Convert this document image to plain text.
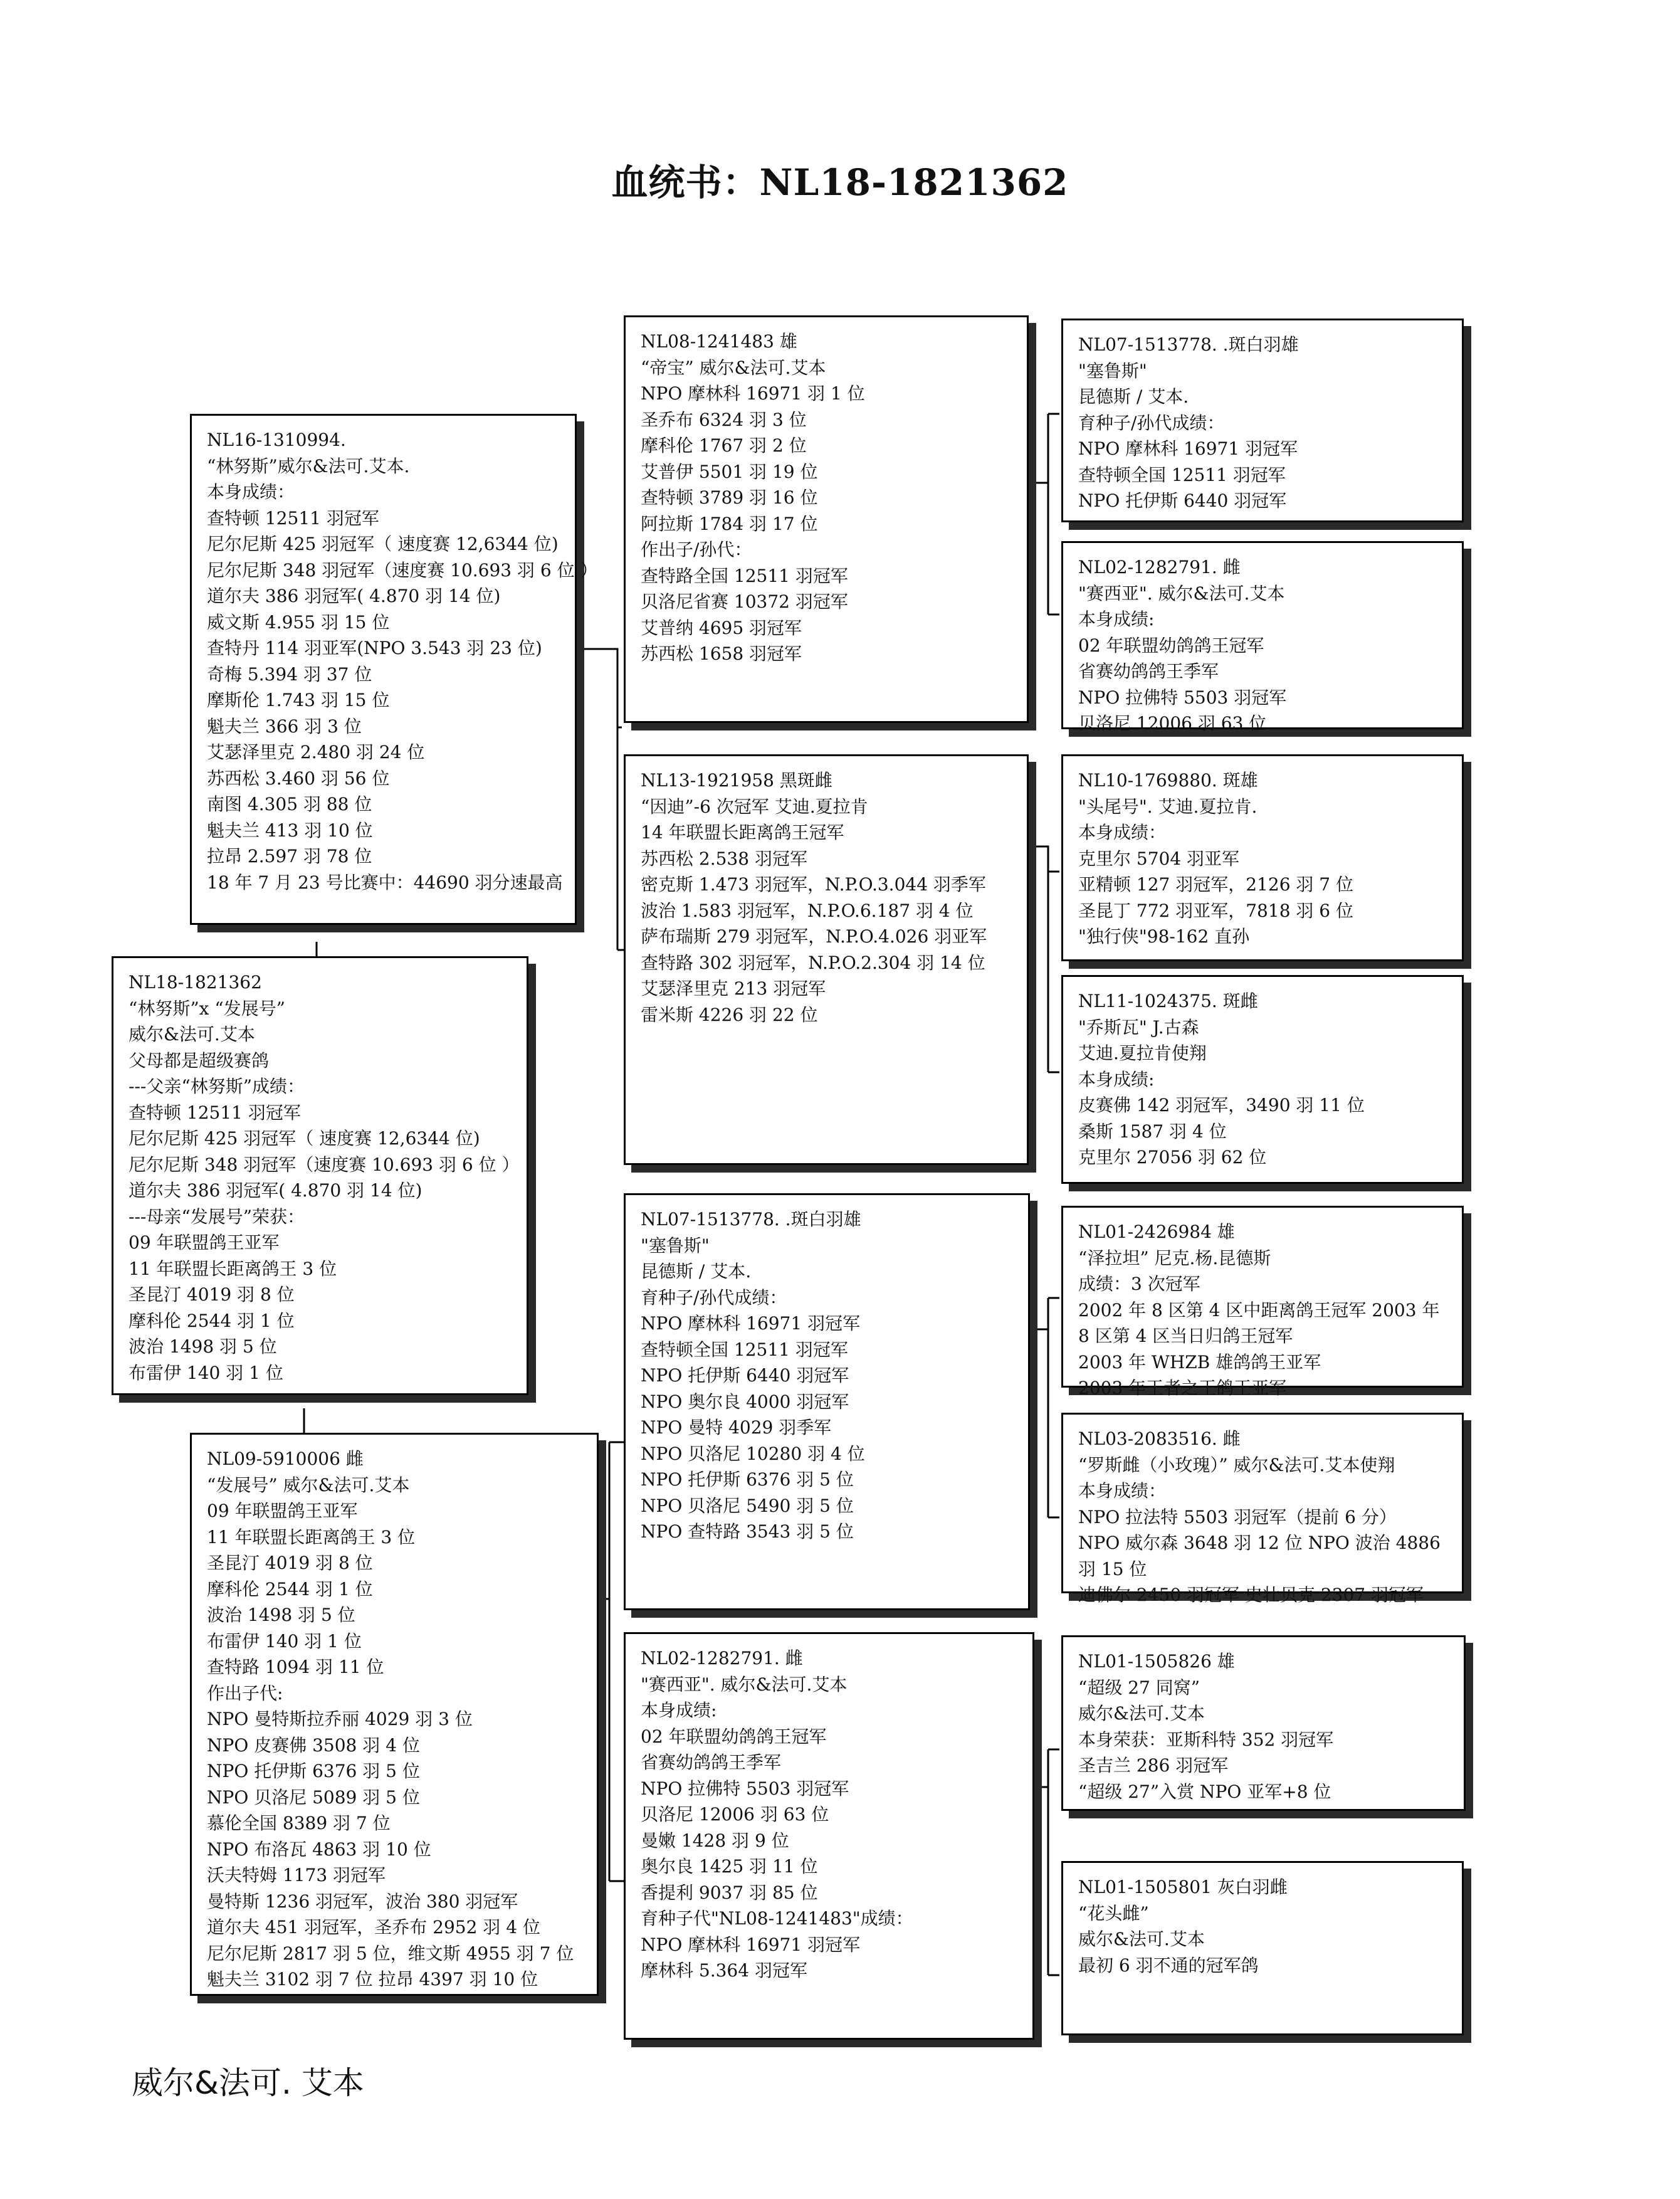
血统书：NL18-1821362
NL18-1821362
“林努斯”x “发展号”
威尔&法可.艾本
父母都是超级赛鸽
---父亲“林努斯”成绩：
查特顿 12511 羽冠军
尼尔尼斯 425 羽冠军（ 速度赛 12,6344 位)
尼尔尼斯 348 羽冠军（速度赛 10.693 羽 6 位 ）
道尔夫 386 羽冠军( 4.870 羽 14 位)
---母亲“发展号”荣获：
09 年联盟鸽王亚军
11 年联盟长距离鸽王 3 位
圣昆汀 4019 羽 8 位
摩科伦 2544 羽 1 位
波治 1498 羽 5 位
布雷伊 140 羽 1 位
NL16-1310994.
“林努斯”威尔&法可.艾本.
本身成绩：
查特顿 12511 羽冠军
尼尔尼斯 425 羽冠军（ 速度赛 12,6344 位)
尼尔尼斯 348 羽冠军（速度赛 10.693 羽 6 位 ）
道尔夫 386 羽冠军( 4.870 羽 14 位)
威文斯 4.955 羽 15 位
查特丹 114 羽亚军(NPO 3.543 羽 23 位)
奇梅 5.394 羽 37 位
摩斯伦 1.743 羽 15 位
魁夫兰 366 羽 3 位
艾瑟泽里克 2.480 羽 24 位
苏西松 3.460 羽 56 位
南图 4.305 羽 88 位
魁夫兰 413 羽 10 位
拉昂 2.597 羽 78 位
18 年 7 月 23 号比赛中：44690 羽分速最高
NL09-5910006 雌
“发展号” 威尔&法可.艾本
09 年联盟鸽王亚军
11 年联盟长距离鸽王 3 位
圣昆汀 4019 羽 8 位
摩科伦 2544 羽 1 位
波治 1498 羽 5 位
布雷伊 140 羽 1 位
查特路 1094 羽 11 位
作出子代:
NPO 曼特斯拉乔丽 4029 羽 3 位
NPO 皮赛佛 3508 羽 4 位
NPO 托伊斯 6376 羽 5 位
NPO 贝洛尼 5089 羽 5 位
慕伦全国 8389 羽 7 位
NPO 布洛瓦 4863 羽 10 位
沃夫特姆 1173 羽冠军
曼特斯 1236 羽冠军，波治 380 羽冠军
道尔夫 451 羽冠军，圣乔布 2952 羽 4 位
尼尔尼斯 2817 羽 5 位，维文斯 4955 羽 7 位
魁夫兰 3102 羽 7 位 拉昂 4397 羽 10 位
NL08-1241483 雄
“帝宝” 威尔&法可.艾本
NPO 摩林科 16971 羽 1 位
圣乔布 6324 羽 3 位
摩科伦 1767 羽 2 位
艾普伊 5501 羽 19 位
查特顿 3789 羽 16 位
阿拉斯 1784 羽 17 位
作出子/孙代：
查特路全国 12511 羽冠军
贝洛尼省赛 10372 羽冠军
艾普纳 4695 羽冠军
苏西松 1658 羽冠军
NL13-1921958 黑斑雌
“因迪”-6 次冠军 艾迪.夏拉肯
14 年联盟长距离鸽王冠军
苏西松 2.538 羽冠军
密克斯 1.473 羽冠军，N.P.O.3.044 羽季军
波治 1.583 羽冠军，N.P.O.6.187 羽 4 位
萨布瑞斯 279 羽冠军，N.P.O.4.026 羽亚军
查特路 302 羽冠军，N.P.O.2.304 羽 14 位
艾瑟泽里克 213 羽冠军
雷米斯 4226 羽 22 位
NL07-1513778. .斑白羽雄
"塞鲁斯"
昆德斯 / 艾本.
育种子/孙代成绩：
NPO 摩林科 16971 羽冠军
查特顿全国 12511 羽冠军
NPO 托伊斯 6440 羽冠军
NPO 奥尔良 4000 羽冠军
NPO 曼特 4029 羽季军
NPO 贝洛尼 10280 羽 4 位
NPO 托伊斯 6376 羽 5 位
NPO 贝洛尼 5490 羽 5 位
NPO 查特路 3543 羽 5 位
NL02-1282791. 雌
"赛西亚". 威尔&法可.艾本
本身成绩:
02 年联盟幼鸽鸽王冠军
省赛幼鸽鸽王季军
NPO 拉佛特 5503 羽冠军
贝洛尼 12006 羽 63 位
曼嫩 1428 羽 9 位
奥尔良 1425 羽 11 位
香提利 9037 羽 85 位
育种子代"NL08-1241483"成绩：
NPO 摩林科 16971 羽冠军
摩林科 5.364 羽冠军
NL07-1513778. .斑白羽雄
"塞鲁斯"
昆德斯 / 艾本.
育种子/孙代成绩：
NPO 摩林科 16971 羽冠军
查特顿全国 12511 羽冠军
NPO 托伊斯 6440 羽冠军
NL02-1282791. 雌
"赛西亚". 威尔&法可.艾本
本身成绩:
02 年联盟幼鸽鸽王冠军
省赛幼鸽鸽王季军
NPO 拉佛特 5503 羽冠军
贝洛尼 12006 羽 63 位
NL10-1769880. 斑雄
"头尾号". 艾迪.夏拉肯.
本身成绩：
克里尔 5704 羽亚军
亚精顿 127 羽冠军，2126 羽 7 位
圣昆丁 772 羽亚军，7818 羽 6 位
"独行侠"98-162 直孙
NL11-1024375. 斑雌
"乔斯瓦" J.古森
艾迪.夏拉肯使翔
本身成绩:
皮赛佛 142 羽冠军，3490 羽 11 位
桑斯 1587 羽 4 位
克里尔 27056 羽 62 位
NL01-2426984 雄
“泽拉坦” 尼克.杨.昆德斯
成绩：3 次冠军
2002 年 8 区第 4 区中距离鸽王冠军 2003 年 8 区第 4 区当日归鸽王冠军
2003 年 WHZB 雄鸽鸽王亚军
2003 年王者之王鸽王亚军
NL03-2083516. 雌
“罗斯雌（小玫瑰）” 威尔&法可.艾本使翔
本身成绩：
NPO 拉法特 5503 羽冠军（提前 6 分）
NPO 威尔森 3648 羽 12 位 NPO 波治 4886 羽 15 位
迪佛尔 2450 羽冠军 史壮贝克 2307 羽冠军
NL01-1505826 雄
“超级 27 同窝”
威尔&法可.艾本
本身荣获：亚斯科特 352 羽冠军
圣吉兰 286 羽冠军
“超级 27”入赏 NPO 亚军+8 位
NL01-1505801 灰白羽雌
“花头雌”
威尔&法可.艾本
最初 6 羽不通的冠军鸽
威尔&法可. 艾本
